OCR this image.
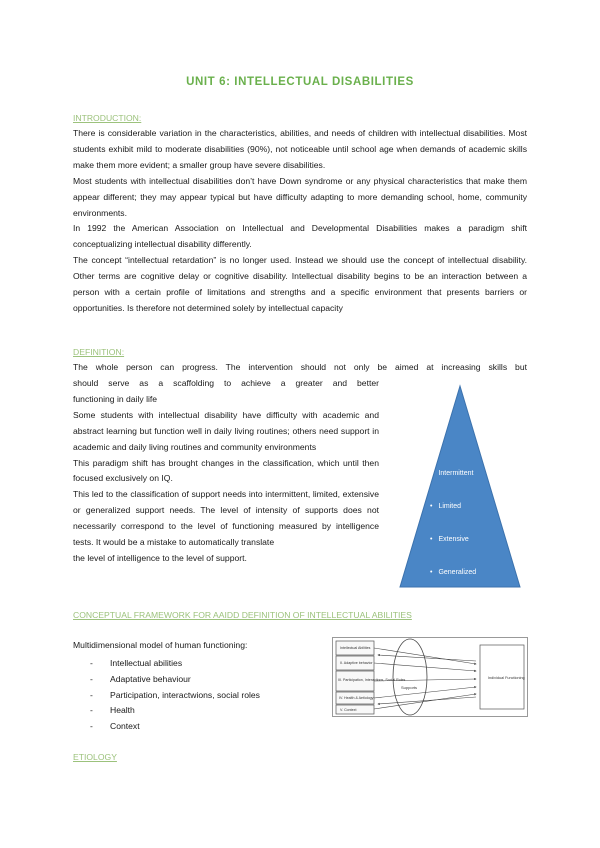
UNIT 6: INTELLECTUAL DISABILITIES
INTRODUCTION:

There is considerable variation in the characteristics, abilities, and needs of children with intellectual disabilities. Most students exhibit mild to moderate disabilities (90%), not noticeable until school age when demands of academic skills make them more evident; a smaller group have severe disabilities.

Most students with intellectual disabilities don’t have Down syndrome or any physical characteristics that make them appear different; they may appear typical but have difficulty adapting to more demanding school, home, community environments.

In 1992 the American Association on Intellectual and Developmental Disabilities makes a paradigm shift conceptualizing intellectual disability differently.

The concept “intellectual retardation” is no longer used. Instead we should use the concept of intellectual disability. Other terms are cognitive delay or cognitive disability. Intellectual disability begins to be an interaction between a person with a certain profile of limitations and strengths and a specific environment that presents barriers or opportunities. Is therefore not determined solely by intellectual capacity

DEFINITION:
The whole person can progress. The intervention should not only be aimed at increasing skills but
should serve as a scaffolding to achieve a greater and better

functioning in daily life

Some students with intellectual disability have difficulty with academic and abstract learning but function well in daily living routines; others need support in academic and daily living routines and community environments

This paradigm shift has brought changes in the classification, which until then focused exclusively on IQ.

This led to the classification of support needs into intermittent, limited, extensive or generalized support needs. The level of intensity of supports does not necessarily correspond to the level of functioning measured by intelligence tests. It would be a mistake to automatically translate

the level of intelligence to the level of support.

• Intermittent
• Limited
• Extensive
• Generalized
CONCEPTUAL FRAMEWORK FOR AAIDD DEFINITION OF INTELLECTUAL ABILITIES
Multidimensional model of human functioning:
-	Intellectual abilities
-	Adaptative behaviour
-	Participation, interactwions, social roles
-	Health
-	Context
Intellectual Abilities
II. Adaptive behavior
III. Participation, Interactions, Social Roles
IV. Health & Aetiology
V. Context
Supports
Individual Functioning
ETIOLOGY
